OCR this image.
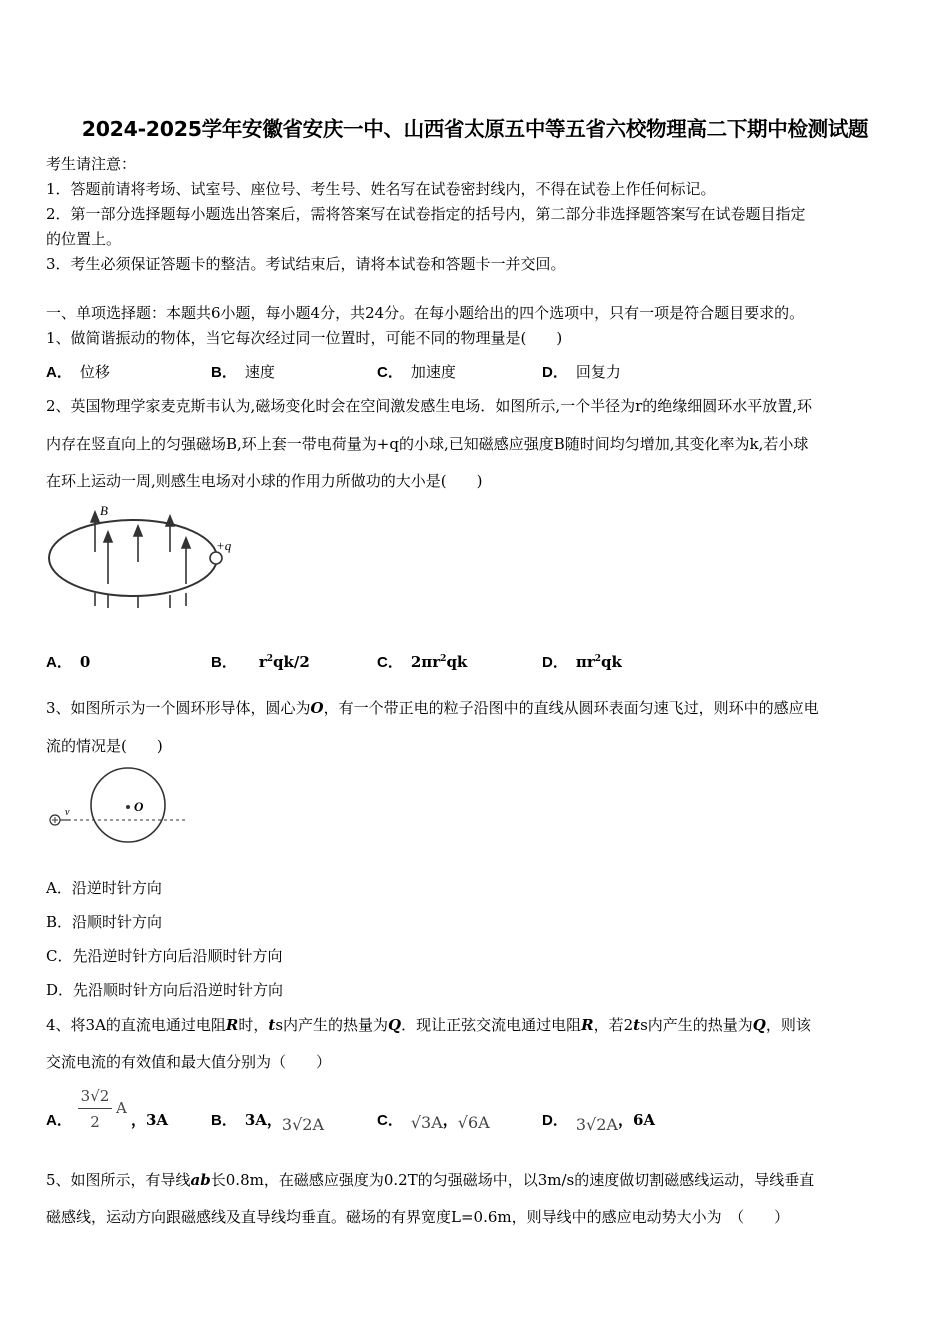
2024-2025学年安徽省安庆一中、山西省太原五中等五省六校物理高二下期中检测试题
考生请注意：
1．答题前请将考场、试室号、座位号、考生号、姓名写在试卷密封线内，不得在试卷上作任何标记。
2．第一部分选择题每小题选出答案后，需将答案写在试卷指定的括号内，第二部分非选择题答案写在试卷题目指定
的位置上。
3．考生必须保证答题卡的整洁。考试结束后，请将本试卷和答题卡一并交回。
一、单项选择题：本题共6小题，每小题4分，共24分。在每小题给出的四个选项中，只有一项是符合题目要求的。
1、做简谐振动的物体，当它每次经过同一位置时，可能不同的物理量是(　　)
A． 位移	B． 速度	C． 加速度	D． 回复力
2、英国物理学家麦克斯韦认为,磁场变化时会在空间激发感生电场．如图所示,一个半径为r的绝缘细圆环水平放置,环
内存在竖直向上的匀强磁场B,环上套一带电荷量为+q的小球,已知磁感应强度B随时间均匀增加,其变化率为k,若小球
在环上运动一周,则感生电场对小球的作用力所做功的大小是(　　)
B
+q
A． 0	B． $r^2qk/2$	C． $2\pi r^2qk$	D． $\pi r^2qk$
3、如图所示为一个圆环形导体，圆心为O，有一个带正电的粒子沿图中的直线从圆环表面匀速飞过，则环中的感应电
流的情况是(　　)
v	O
A．沿逆时针方向
B．沿顺时针方向
C．先沿逆时针方向后沿顺时针方向
D．先沿顺时针方向后沿逆时针方向
4、将3A的直流电通过电阻R时，ts内产生的热量为Q．现让正弦交流电通过电阻R，若2ts内产生的热量为Q，则该
交流电流的有效值和最大值分别为（　　）
A．
3√2
2
A
，3A	B． 3A，3√2A	C． √3A，√6A	D． 3√2A，6A
5、如图所示，有导线ab长0.8m，在磁感应强度为0.2T的匀强磁场中，以3m/s的速度做切割磁感线运动，导线垂直
磁感线，运动方向跟磁感线及直导线均垂直。磁场的有界宽度L=0.6m，则导线中的感应电动势大小为　（　　）
